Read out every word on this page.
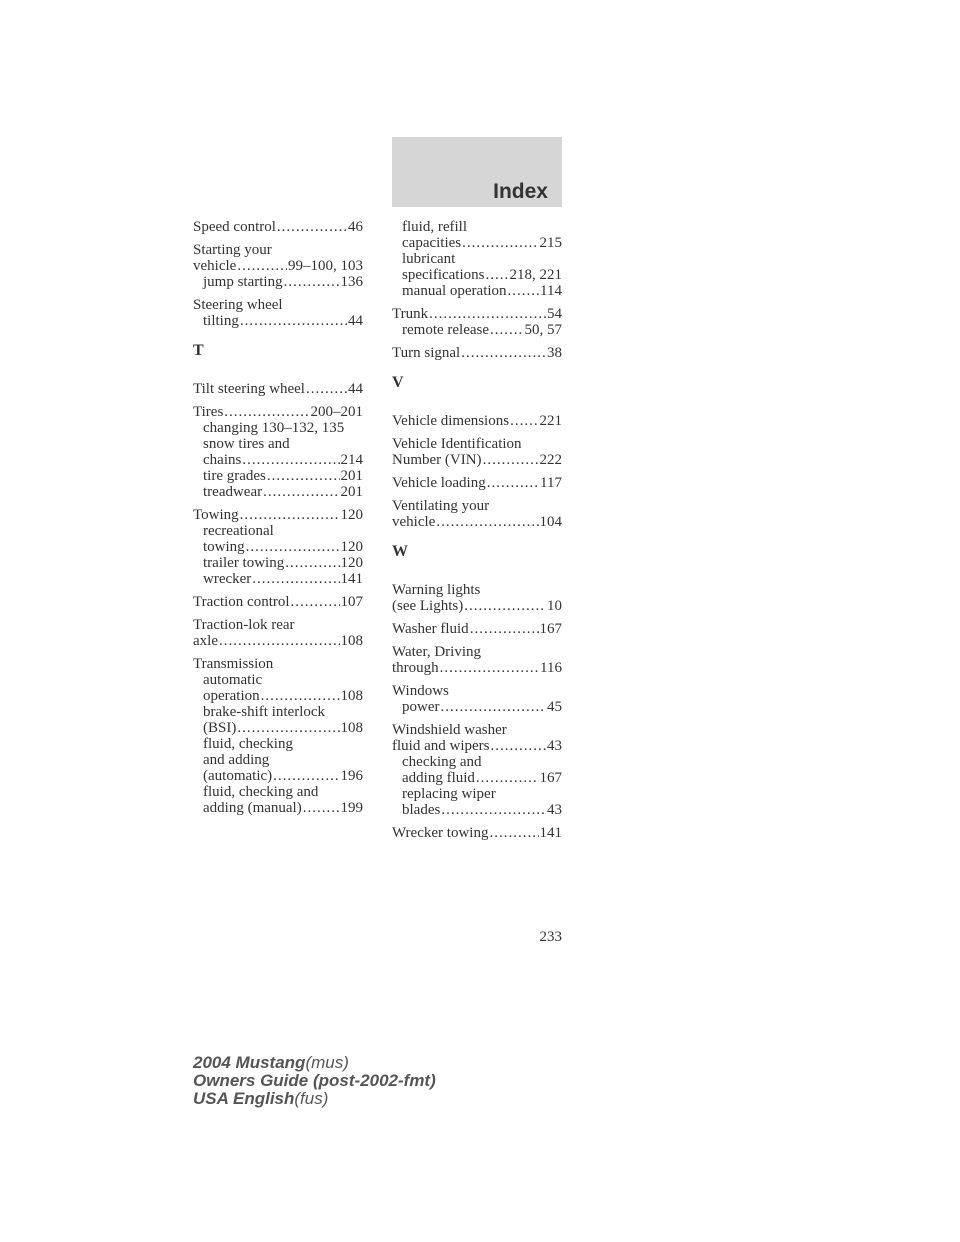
Index
Speed control .....	46
Starting your
vehicle .....	99–100, 103
jump starting .....	136
Steering wheel
tilting .....	44
T
Tilt steering wheel .....	44
Tires .....	200–201
changing 130–132, 135
snow tires and
chains .....	214
tire grades .....	201
treadwear .....	201
Towing .....	120
recreational
towing .....	120
trailer towing .....	120
wrecker .....	141
Traction control .....	107
Traction-lok rear
axle .....	108
Transmission
automatic
operation .....	108
brake-shift interlock
(BSI) .....	108
fluid, checking
and adding
(automatic) .....	196
fluid, checking and
adding (manual) .....	199
fluid, refill
capacities .....	215
lubricant
specifications ..... 218, 221
manual operation ..... 114
Trunk .....	54
remote release ..... 50, 57
Turn signal .....	38
V
Vehicle dimensions ..... 221
Vehicle Identification
Number (VIN) .....	222
Vehicle loading .....	117
Ventilating your
vehicle .....	104
W
Warning lights
(see Lights) .....	10
Washer fluid .....	167
Water, Driving
through .....	116
Windows
power .....	45
Windshield washer
fluid and wipers .....	43
checking and
adding fluid .....	167
replacing wiper
blades .....	43
Wrecker towing .....	141
233
2004 Mustang(mus)
Owners Guide (post-2002-fmt)
USA English(fus)
